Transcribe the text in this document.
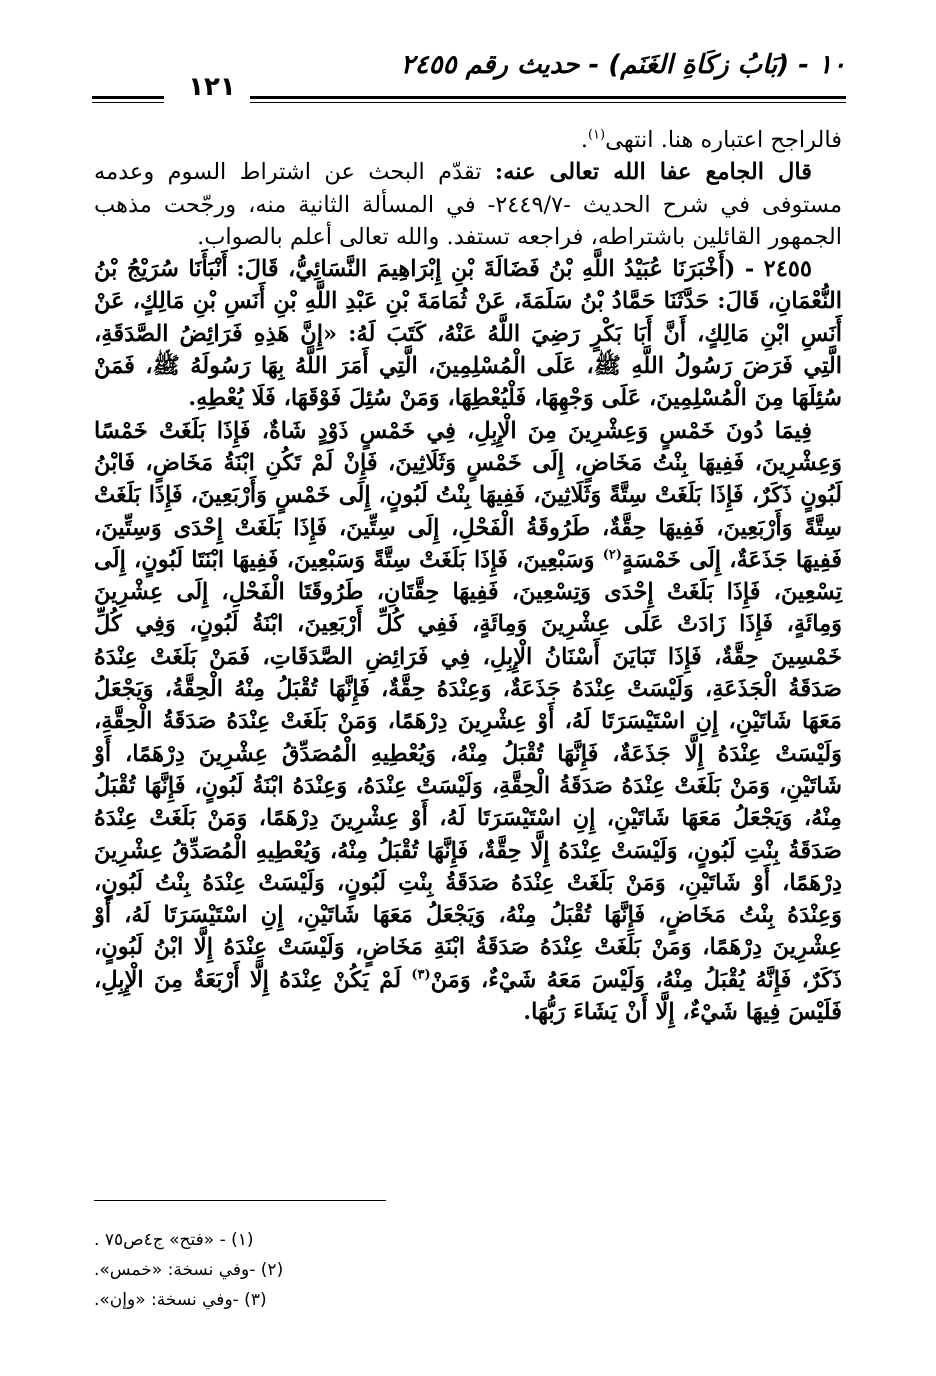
١٠ - (بَابُ زكَاةِ الغَنَم) - حديث رقم ٢٤٥٥
١٢١

فالراجح اعتباره هنا. انتهى$^{(١)}$.

قال الجامع عفا الله تعالى عنه: تقدّم البحث عن اشتراط السوم وعدمه مستوفى في شرح الحديث -٢٤٤٩/٧- في المسألة الثانية منه، ورجّحت مذهب الجمهور القائلين باشتراطه، فراجعه تستفد. والله تعالى أعلم بالصواب.

٢٤٥٥ - (أَخْبَرَنَا عُبَيْدُ اللَّهِ بْنُ فَضَالَةَ بْنِ إِبْرَاهِيمَ النَّسَائِيُّ، قَالَ: أَنْبَأَنَا سُرَيْجُ بْنُ النُّعْمَانِ، قَالَ: حَدَّثَنَا حَمَّادُ بْنُ سَلَمَةَ، عَنْ ثُمَامَةَ بْنِ عَبْدِ اللَّهِ بْنِ أَنَسِ بْنِ مَالِكٍ، عَنْ أَنَسِ ابْنِ مَالِكٍ، أَنَّ أَبَا بَكْرٍ رَضِيَ اللَّهُ عَنْهُ، كَتَبَ لَهُ: «إِنَّ هَذِهِ فَرَائِضُ الصَّدَقَةِ، الَّتِي فَرَضَ رَسُولُ اللَّهِ ﷺ، عَلَى الْمُسْلِمِينَ، الَّتِي أَمَرَ اللَّهُ بِهَا رَسُولَهُ ﷺ، فَمَنْ سُئِلَهَا مِنَ الْمُسْلِمِينَ، عَلَى وَجْهِهَا، فَلْيُعْطِهَا، وَمَنْ سُئِلَ فَوْقَهَا، فَلَا يُعْطِهِ.

فِيمَا دُونَ خَمْسٍ وَعِشْرِينَ مِنَ الْإِبِلِ، فِي خَمْسٍ ذَوْدٍ شَاةٌ، فَإِذَا بَلَغَتْ خَمْسًا وَعِشْرِينَ، فَفِيهَا بِنْتُ مَخَاضٍ، إِلَى خَمْسٍ وَثَلَاثِينَ، فَإِنْ لَمْ تَكُنِ ابْنَةُ مَخَاضٍ، فَابْنُ لَبُونٍ ذَكَرٌ، فَإِذَا بَلَغَتْ سِتَّةً وَثَلَاثِينَ، فَفِيهَا بِنْتُ لَبُونٍ، إِلَى خَمْسٍ وَأَرْبَعِينَ، فَإِذَا بَلَغَتْ سِتَّةً وَأَرْبَعِينَ، فَفِيهَا حِقَّةٌ، طَرُوقَةُ الْفَحْلِ، إِلَى سِتِّينَ، فَإِذَا بَلَغَتْ إِحْدَى وَسِتِّينَ، فَفِيهَا جَذَعَةٌ، إِلَى خَمْسَةٍ$^{(٢)}$ وَسَبْعِينَ، فَإِذَا بَلَغَتْ سِتَّةً وَسَبْعِينَ، فَفِيهَا ابْنَتَا لَبُونٍ، إِلَى تِسْعِينَ، فَإِذَا بَلَغَتْ إِحْدَى وَتِسْعِينَ، فَفِيهَا حِقَّتَانِ، طَرُوقَتَا الْفَحْلِ، إِلَى عِشْرِينَ وَمِائَةٍ، فَإِذَا زَادَتْ عَلَى عِشْرِينَ وَمِائَةٍ، فَفِي كُلِّ أَرْبَعِينَ، ابْنَةُ لَبُونٍ، وَفِي كُلِّ خَمْسِينَ حِقَّةٌ، فَإِذَا تَبَايَنَ أَسْنَانُ الْإِبِلِ، فِي فَرَائِضِ الصَّدَقَاتِ، فَمَنْ بَلَغَتْ عِنْدَهُ صَدَقَةُ الْجَذَعَةِ، وَلَيْسَتْ عِنْدَهُ جَذَعَةٌ، وَعِنْدَهُ حِقَّةٌ، فَإِنَّهَا تُقْبَلُ مِنْهُ الْحِقَّةُ، وَيَجْعَلُ مَعَهَا شَاتَيْنِ، إِنِ اسْتَيْسَرَتَا لَهُ، أَوْ عِشْرِينَ دِرْهَمًا، وَمَنْ بَلَغَتْ عِنْدَهُ صَدَقَةُ الْحِقَّةِ، وَلَيْسَتْ عِنْدَهُ إِلَّا جَذَعَةٌ، فَإِنَّهَا تُقْبَلُ مِنْهُ، وَيُعْطِيهِ الْمُصَدِّقُ عِشْرِينَ دِرْهَمًا، أَوْ شَاتَيْنِ، وَمَنْ بَلَغَتْ عِنْدَهُ صَدَقَةُ الْحِقَّةِ، وَلَيْسَتْ عِنْدَهُ، وَعِنْدَهُ ابْنَةُ لَبُونٍ، فَإِنَّهَا تُقْبَلُ مِنْهُ، وَيَجْعَلُ مَعَهَا شَاتَيْنِ، إِنِ اسْتَيْسَرَتَا لَهُ، أَوْ عِشْرِينَ دِرْهَمًا، وَمَنْ بَلَغَتْ عِنْدَهُ صَدَقَةُ بِنْتِ لَبُونٍ، وَلَيْسَتْ عِنْدَهُ إِلَّا حِقَّةٌ، فَإِنَّهَا تُقْبَلُ مِنْهُ، وَيُعْطِيهِ الْمُصَدِّقُ عِشْرِينَ دِرْهَمًا، أَوْ شَاتَيْنِ، وَمَنْ بَلَغَتْ عِنْدَهُ صَدَقَةُ بِنْتِ لَبُونٍ، وَلَيْسَتْ عِنْدَهُ بِنْتُ لَبُونٍ، وَعِنْدَهُ بِنْتُ مَخَاضٍ، فَإِنَّهَا تُقْبَلُ مِنْهُ، وَيَجْعَلُ مَعَهَا شَاتَيْنِ، إِنِ اسْتَيْسَرَتَا لَهُ، أَوْ عِشْرِينَ دِرْهَمًا، وَمَنْ بَلَغَتْ عِنْدَهُ صَدَقَةُ ابْنَةِ مَخَاضٍ، وَلَيْسَتْ عِنْدَهُ إِلَّا ابْنُ لَبُونٍ، ذَكَرٌ، فَإِنَّهُ يُقْبَلُ مِنْهُ، وَلَيْسَ مَعَهُ شَيْءٌ، وَمَنْ$^{(٣)}$ لَمْ يَكُنْ عِنْدَهُ إِلَّا أَرْبَعَةٌ مِنَ الْإِبِلِ، فَلَيْسَ فِيهَا شَيْءٌ، إِلَّا أَنْ يَشَاءَ رَبُّهَا.

(١) - «فتح» ج٤ص٧٥ .
(٢) -وفي نسخة: «خمس».
(٣) -وفي نسخة: «وإن».
